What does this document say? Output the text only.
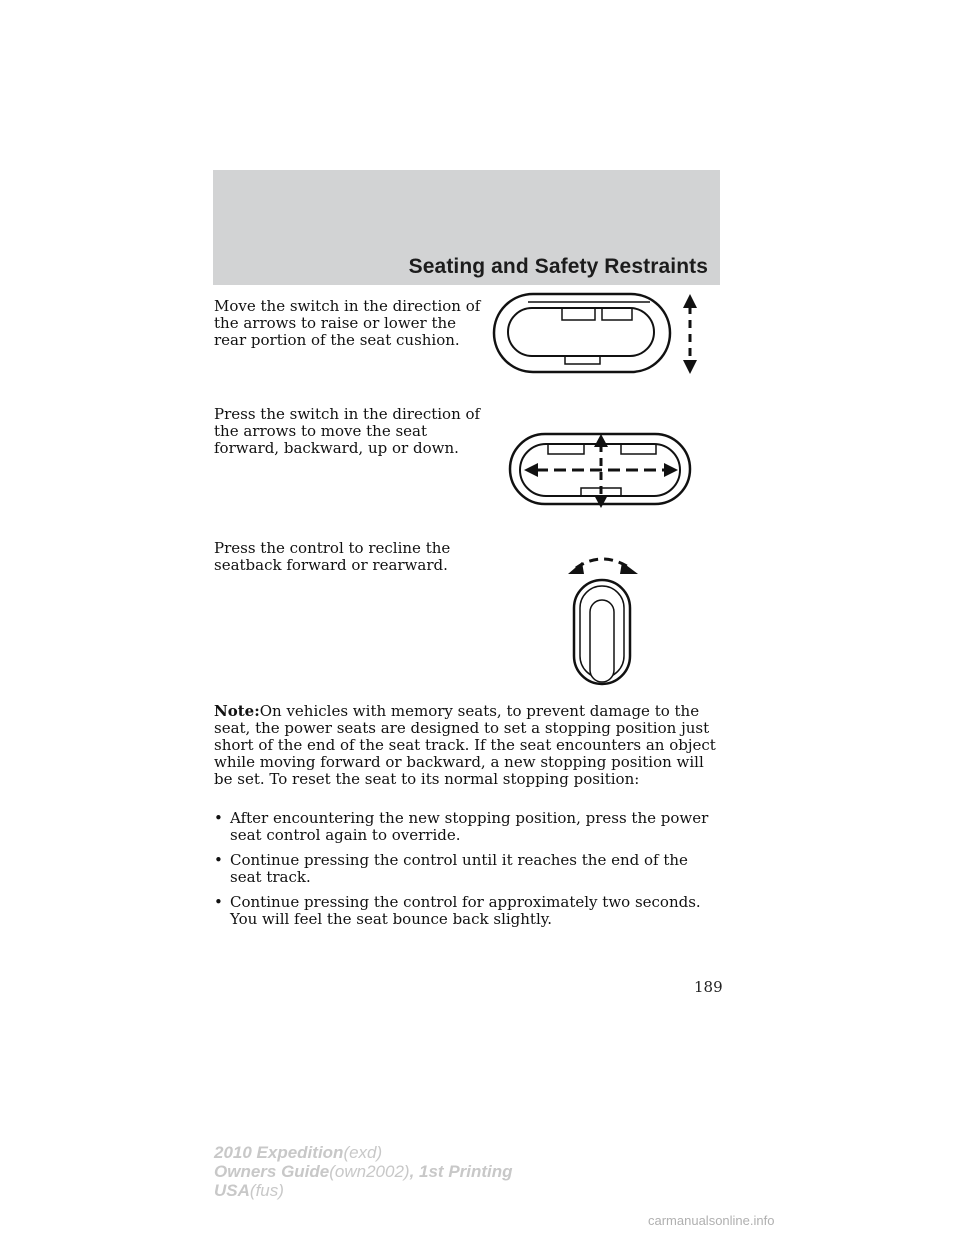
Seating and Safety Restraints

Move the switch in the direction of the arrows to raise or lower the rear portion of the seat cushion.

Press the switch in the direction of the arrows to move the seat forward, backward, up or down.

Press the control to recline the seatback forward or rearward.

Note:On vehicles with memory seats, to prevent damage to the seat, the power seats are designed to set a stopping position just short of the end of the seat track. If the seat encounters an object while moving forward or backward, a new stopping position will be set. To reset the seat to its normal stopping position:

• After encountering the new stopping position, press the power seat control again to override.
• Continue pressing the control until it reaches the end of the seat track.
• Continue pressing the control for approximately two seconds. You will feel the seat bounce back slightly.
189
2010 Expedition(exd)
Owners Guide(own2002), 1st Printing
USA(fus)
carmanualsonline.info
